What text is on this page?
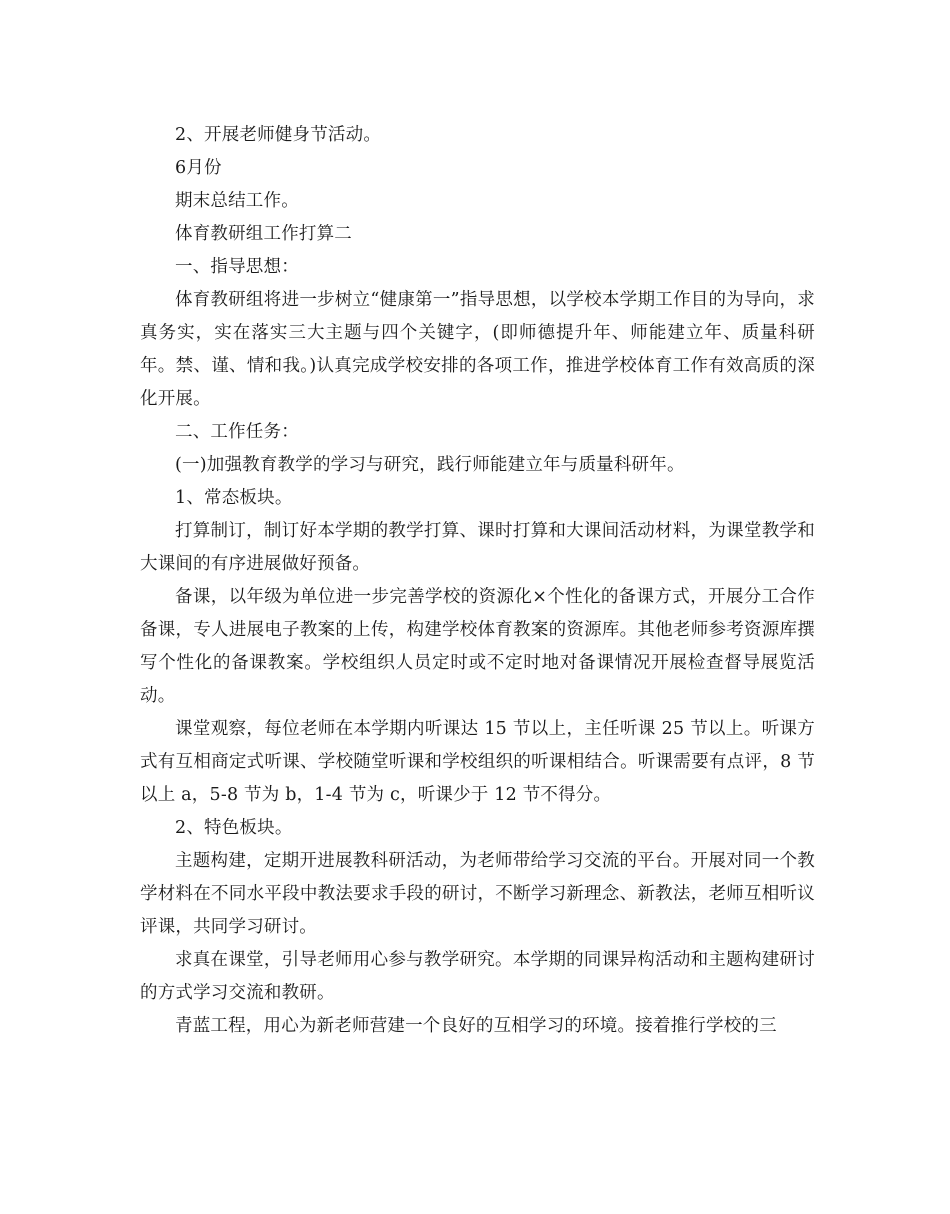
2、开展老师健身节活动。

6月份

期末总结工作。

体育教研组工作打算二

一、指导思想：

体育教研组将进一步树立“健康第一”指导思想，以学校本学期工作目的为导向，求真务实，实在落实三大主题与四个关键字，(即师德提升年、师能建立年、质量科研年。禁、谨、情和我。)认真完成学校安排的各项工作，推进学校体育工作有效高质的深化开展。

二、工作任务：

(一)加强教育教学的学习与研究，践行师能建立年与质量科研年。

1、常态板块。

打算制订，制订好本学期的教学打算、课时打算和大课间活动材料，为课堂教学和大课间的有序进展做好预备。

备课，以年级为单位进一步完善学校的资源化×个性化的备课方式，开展分工合作备课，专人进展电子教案的上传，构建学校体育教案的资源库。其他老师参考资源库撰写个性化的备课教案。学校组织人员定时或不定时地对备课情况开展检查督导展览活动。

课堂观察，每位老师在本学期内听课达 15 节以上，主任听课 25 节以上。听课方式有互相商定式听课、学校随堂听课和学校组织的听课相结合。听课需要有点评，8 节以上 a，5-8 节为 b，1-4 节为 c，听课少于 12 节不得分。

2、特色板块。

主题构建，定期开进展教科研活动，为老师带给学习交流的平台。开展对同一个教学材料在不同水平段中教法要求手段的研讨，不断学习新理念、新教法，老师互相听议评课，共同学习研讨。

求真在课堂，引导老师用心参与教学研究。本学期的同课异构活动和主题构建研讨的方式学习交流和教研。

青蓝工程，用心为新老师营建一个良好的互相学习的环境。接着推行学校的三
